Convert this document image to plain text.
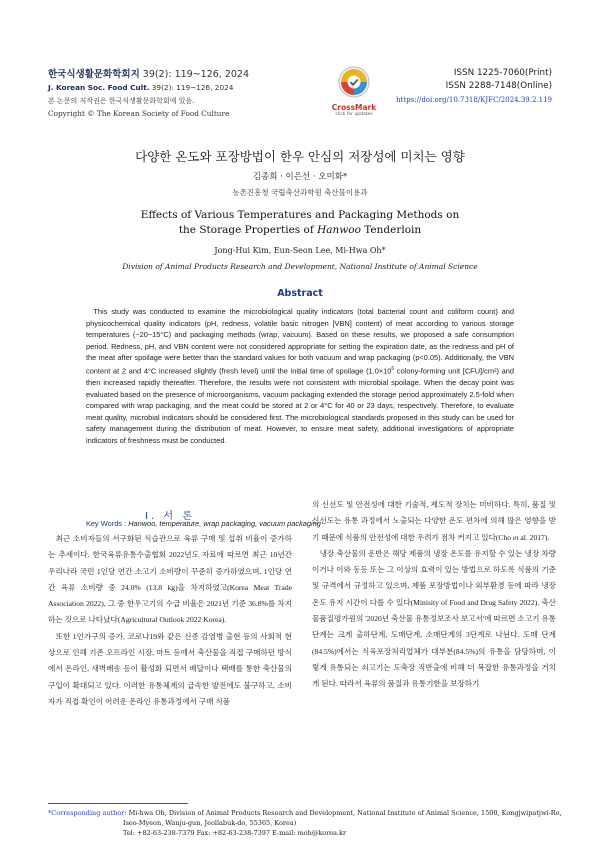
한국식생활문화학회지 39(2): 119~126, 2024
J. Korean Soc. Food Cult. 39(2): 119~126, 2024
본 논문의 저작권은 한국식생활문화학회에 있음.
Copyright © The Korean Society of Food Culture
CrossMark
click for updates
ISSN 1225-7060(Print)
ISSN 2288-7148(Online)
https://doi.org/10.7318/KJFC/2024.39.2.119
다양한 온도와 포장방법이 한우 안심의 저장성에 미치는 영향
김종희 · 이은선 · 오미화*
농촌진흥청 국립축산과학원 축산물이용과
Effects of Various Temperatures and Packaging Methods on
the Storage Properties of Hanwoo Tenderloin
Jong-Hui Kim, Eun-Seon Lee, Mi-Hwa Oh*
Division of Animal Products Research and Development, National Institute of Animal Science
Abstract
This study was conducted to examine the microbiological quality indicators (total bacterial count and coliform count) and physicochemical quality indicators (pH, redness, volatile basic nitrogen [VBN] content) of meat according to various storage temperatures (−20~15°C) and packaging methods (wrap, vacuum). Based on these results, we proposed a safe consumption period. Redness, pH, and VBN content were not considered appropriate for setting the expiration date, as the redness and pH of the meat after spoilage were better than the standard values for both vacuum and wrap packaging (p<0.05). Additionally, the VBN content at 2 and 4°C increased slightly (fresh level) until the initial time of spoilage ($1.0\times 10^6$ colony-forming unit [CFU]/cm²) and then increased rapidly thereafter. Therefore, the results were not consistent with microbial spoilage. When the decay point was evaluated based on the presence of microorganisms, vacuum packaging extended the storage period approximately 2.5-fold when compared with wrap packaging, and the meat could be stored at 2 or 4°C for 40 or 23 days, respectively. Therefore, to evaluate meat quality, microbial indicators should be considered first. The microbiological standards proposed in this study can be used for safety management during the distribution of meat. However, to ensure meat safety, additional investigations of appropriate indicators of freshness must be conducted.
Key Words : Hanwoo, temperature, wrap packaging, vacuum packaging
I. 서 론

최근 소비자들의 서구화된 식습관으로 육류 구매 및 섭취 비율이 증가하는 추세이다. 한국육류유통수출협회 2022년도 자료에 따르면 최근 10년간 우리나라 국민 1인당 연간 소고기 소비량이 꾸준히 증가하였으며, 1인당 연간 육류 소비량 중 24.0% (13.8 kg)을 차지하였고(Korea Meat Trade Association 2022), 그 중 한우고기의 수급 비율은 2021년 기준 36.8%를 차지하는 것으로 나타났다(Agricultural Outlook 2022 Korea).

또한 1인가구의 증가, 코로나19와 같은 신종 감염병 출현 등의 사회적 현상으로 인해 기존 오프라인 시장, 마트 등에서 축산물을 직접 구매하던 방식에서 온라인, 새벽배송 등이 활성화 되면서 배달이나 택배를 통한 축산물의 구입이 확대되고 있다. 이러한 유통체계의 급속한 발전에도 불구하고, 소비자가 직접 확인이 어려운 온라인 유통과정에서 구매 식품

의 신선도 및 안전성에 대한 기술적, 제도적 장치는 미비하다. 특히, 품질 및 신선도는 유통 과정에서 노출되는 다양한 온도 편차에 의해 많은 영향을 받기 때문에 식품의 안전성에 대한 우려가 점차 커지고 있다(Cho et al. 2017).

냉장 축산물의 운반은 해당 제품의 냉장 온도를 유지할 수 있는 냉장 차량이거나 이와 동등 또는 그 이상의 효력이 있는 방법으로 하도록 식품의 기준 및 규격에서 규정하고 있으며, 제품 포장방법이나 외부환경 등에 따라 냉장 온도 유지 시간이 다를 수 있다(Minisity of Food and Drug Safety 2022). 축산물품질평가원의 '2020년 축산물 유통정보조사 보고서'에 따르면 소고기 유통단계는 크게 출하단계, 도매단계, 소매단계의 3단계로 나뉜다. 도매 단계(84.5%)에서는 식육포장처리업체가 대부분(84.5%)의 유통을 담당하며, 이렇게 유통되는 쇠고기는 도축장 직반출에 비해 더 복잡한 유통과정을 거치게 된다. 따라서 육류의 품질과 유통기한을 보장하기

*Corresponding author: Mi-hwa Oh, Division of Animal Products Research and Development, National Institute of Animal Science, 1500, Kongjwipatjwi-Ro,
Iseo-Myeon, Wanju-gun, Jeollabuk-do, 55365, Korea)
Tel: +82-63-238-7379 Fax: +82-63-238-7397 E-mail: moh@korea.kr
